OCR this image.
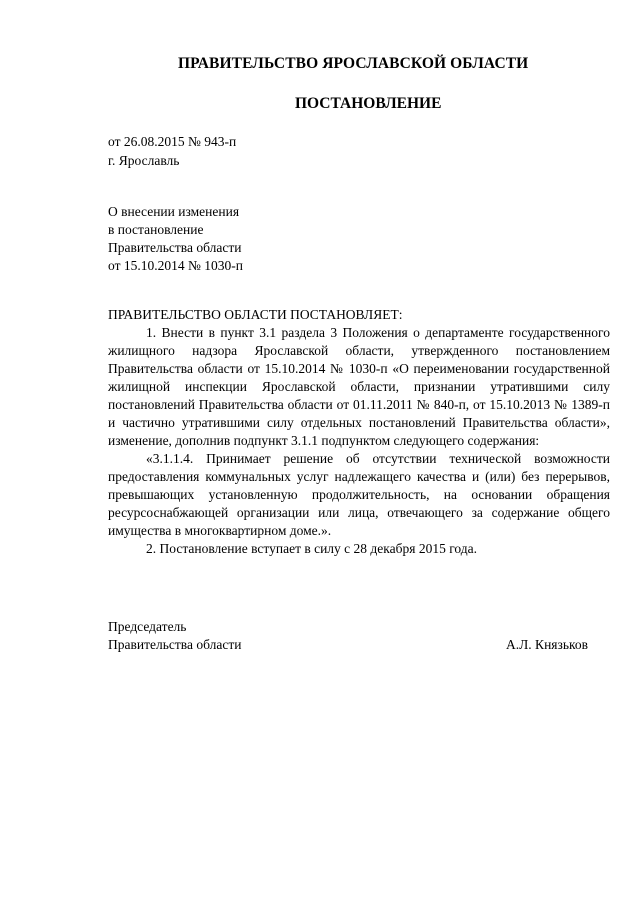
ПРАВИТЕЛЬСТВО ЯРОСЛАВСКОЙ ОБЛАСТИ
ПОСТАНОВЛЕНИЕ
от 26.08.2015 № 943-п
г. Ярославль
О внесении изменения
в постановление
Правительства области
от 15.10.2014 № 1030-п

ПРАВИТЕЛЬСТВО ОБЛАСТИ ПОСТАНОВЛЯЕТ:

1. Внести в пункт 3.1 раздела 3 Положения о департаменте государственного жилищного надзора Ярославской области, утвержденного постановлением Правительства области от 15.10.2014 № 1030-п «О переименовании государственной жилищной инспекции Ярославской области, признании утратившими силу постановлений Правительства области от 01.11.2011 № 840-п, от 15.10.2013 № 1389-п и частично утратившими силу отдельных постановлений Правительства области», изменение, дополнив подпункт 3.1.1 подпунктом следующего содержания:

«3.1.1.4. Принимает решение об отсутствии технической возможности предоставления коммунальных услуг надлежащего качества и (или) без перерывов, превышающих установленную продолжительность, на основании обращения ресурсоснабжающей организации или лица, отвечающего за содержание общего имущества в многоквартирном доме.».

2. Постановление вступает в силу с 28 декабря 2015 года.

Председатель
Правительства области	А.Л. Князьков
